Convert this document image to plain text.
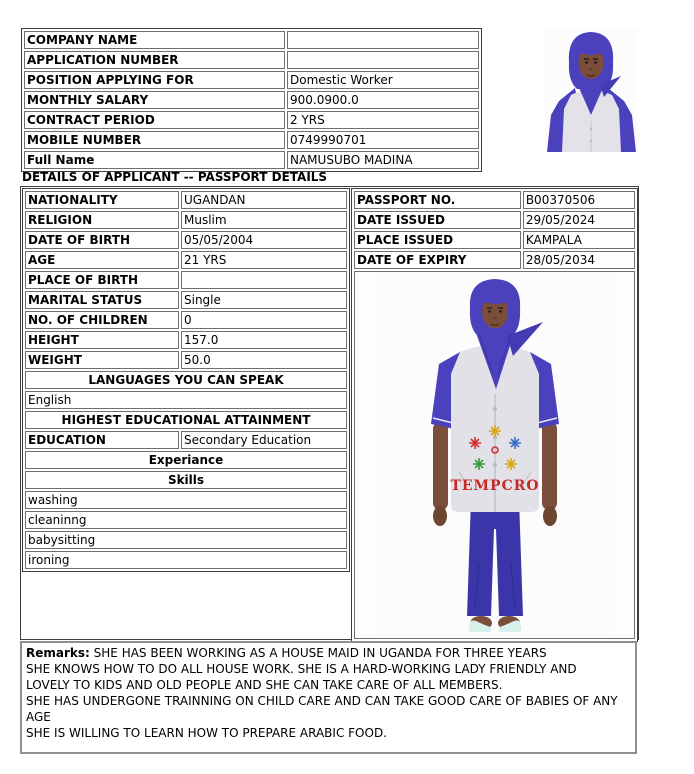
COMPANY NAME	
APPLICATION NUMBER	
POSITION APPLYING FOR	Domestic Worker
MONTHLY SALARY	900.0900.0
CONTRACT PERIOD	2 YRS
MOBILE NUMBER	0749990701
Full Name	NAMUSUBO MADINA
DETAILS OF APPLICANT -- PASSPORT DETAILS
NATIONALITY	UGANDAN
RELIGION	Muslim
DATE OF BIRTH	05/05/2004
AGE	21 YRS
PLACE OF BIRTH	
MARITAL STATUS	Single
NO. OF CHILDREN	0
HEIGHT	157.0
WEIGHT	50.0
LANGUAGES YOU CAN SPEAK	
English	
HIGHEST EDUCATIONAL ATTAINMENT	
EDUCATION	Secondary Education
Experiance	
Skills	
washing	
cleaninng	
babysitting	
ironing	
PASSPORT NO.	B00370506
DATE ISSUED	29/05/2024
PLACE ISSUED	KAMPALA
DATE OF EXPIRY	28/05/2034

TEMPCRO	
Remarks: SHE HAS BEEN WORKING AS A HOUSE MAID IN UGANDA FOR THREE YEARS
SHE KNOWS HOW TO DO ALL HOUSE WORK. SHE IS A HARD-WORKING LADY FRIENDLY AND
LOVELY TO KIDS AND OLD PEOPLE AND SHE CAN TAKE CARE OF ALL MEMBERS.
SHE HAS UNDERGONE TRAINNING ON CHILD CARE AND CAN TAKE GOOD CARE OF BABIES OF ANY
AGE
SHE IS WILLING TO LEARN HOW TO PREPARE ARABIC FOOD.
